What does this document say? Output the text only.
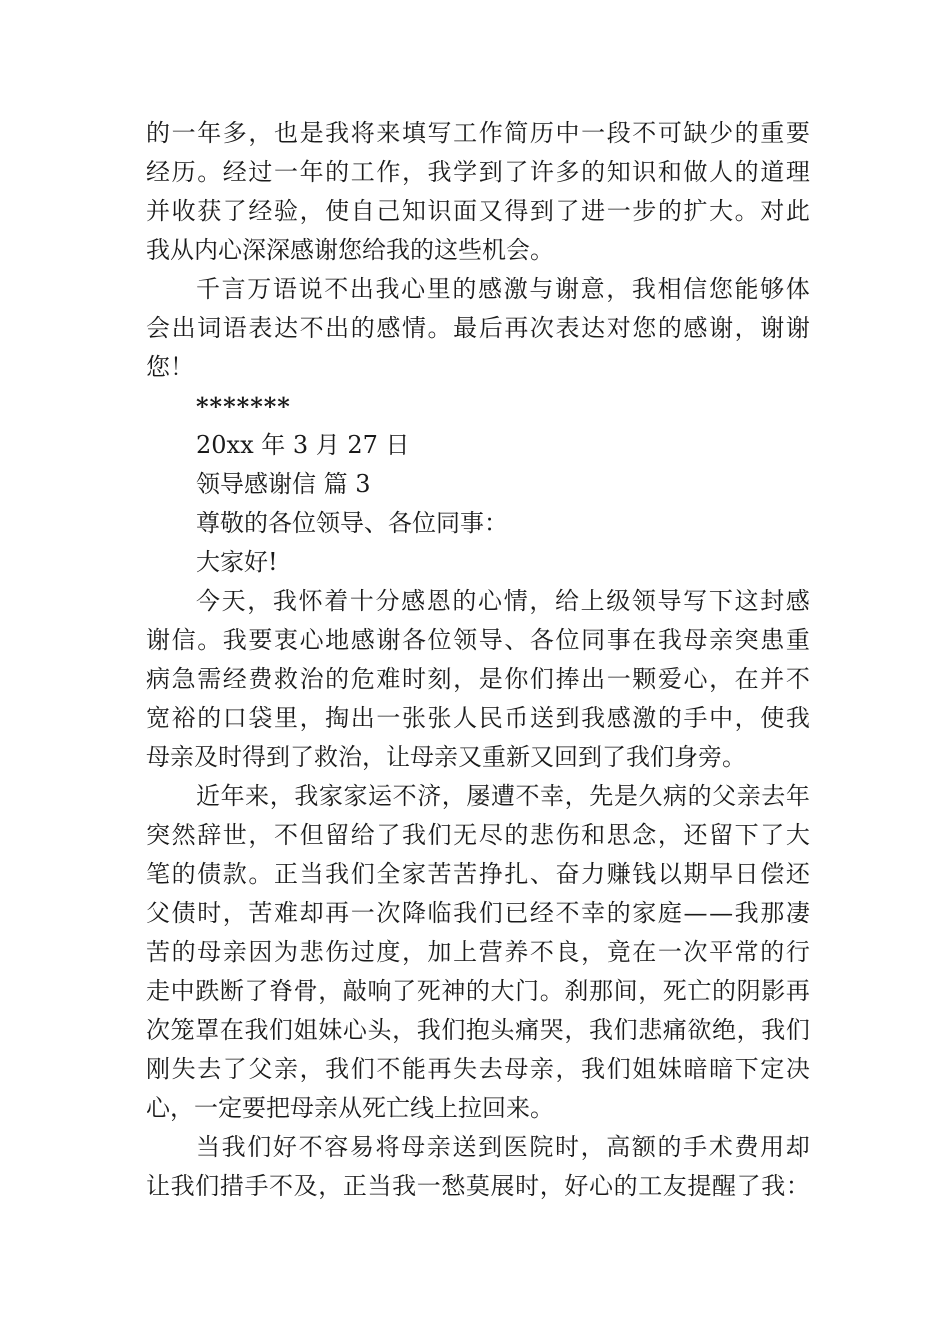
的 一 年 多 ， 也 是 我 将 来 填 写 工 作 简 历 中 一 段 不 可 缺 少 的 重 要
经 历 。 经 过 一 年 的 工 作 ， 我 学 到 了 许 多 的 知 识 和 做 人 的 道 理
并 收 获 了 经 验 ， 使 自 己 知 识 面 又 得 到 了 进 一 步 的 扩 大 。 对 此
我从内心深深感谢您给我的这些机会。
千 言 万 语 说 不 出 我 心 里 的 感 激 与 谢 意 ， 我 相 信 您 能 够 体
会 出 词 语 表 达 不 出 的 感 情 。 最 后 再 次 表 达 对 您 的 感 谢 ， 谢 谢
您！
*******
20xx 年 3 月 27 日
领导感谢信 篇 3
尊敬的各位领导、各位同事：
大家好!
今 天 ， 我 怀 着 十 分 感 恩 的 心 情 ， 给 上 级 领 导 写 下 这 封 感
谢 信 。 我 要 衷 心 地 感 谢 各 位 领 导 、 各 位 同 事 在 我 母 亲 突 患 重
病 急 需 经 费 救 治 的 危 难 时 刻 ， 是 你 们 捧 出 一 颗 爱 心 ， 在 并 不
宽 裕 的 口 袋 里 ， 掏 出 一 张 张 人 民 币 送 到 我 感 激 的 手 中 ， 使 我
母亲及时得到了救治，让母亲又重新又回到了我们身旁。
近 年 来 ， 我 家 家 运 不 济 ， 屡 遭 不 幸 ， 先 是 久 病 的 父 亲 去 年
突 然 辞 世 ， 不 但 留 给 了 我 们 无 尽 的 悲 伤 和 思 念 ， 还 留 下 了 大
笔 的 债 款 。 正 当 我 们 全 家 苦 苦 挣 扎 、 奋 力 赚 钱 以 期 早 日 偿 还
父 债 时 ， 苦 难 却 再 一 次 降 临 我 们 已 经 不 幸 的 家 庭 — — 我 那 凄
苦 的 母 亲 因 为 悲 伤 过 度 ， 加 上 营 养 不 良 ， 竟 在 一 次 平 常 的 行
走 中 跌 断 了 脊 骨 ， 敲 响 了 死 神 的 大 门 。 刹 那 间 ， 死 亡 的 阴 影 再
次 笼 罩 在 我 们 姐 妹 心 头 ， 我 们 抱 头 痛 哭 ， 我 们 悲 痛 欲 绝 ， 我 们
刚 失 去 了 父 亲 ， 我 们 不 能 再 失 去 母 亲 ， 我 们 姐 妹 暗 暗 下 定 决
心，一定要把母亲从死亡线上拉回来。
当 我 们 好 不 容 易 将 母 亲 送 到 医 院 时 ， 高 额 的 手 术 费 用 却
让 我 们 措 手 不 及 ， 正 当 我 一 愁 莫 展 时 ， 好 心 的 工 友 提 醒 了 我 ：
